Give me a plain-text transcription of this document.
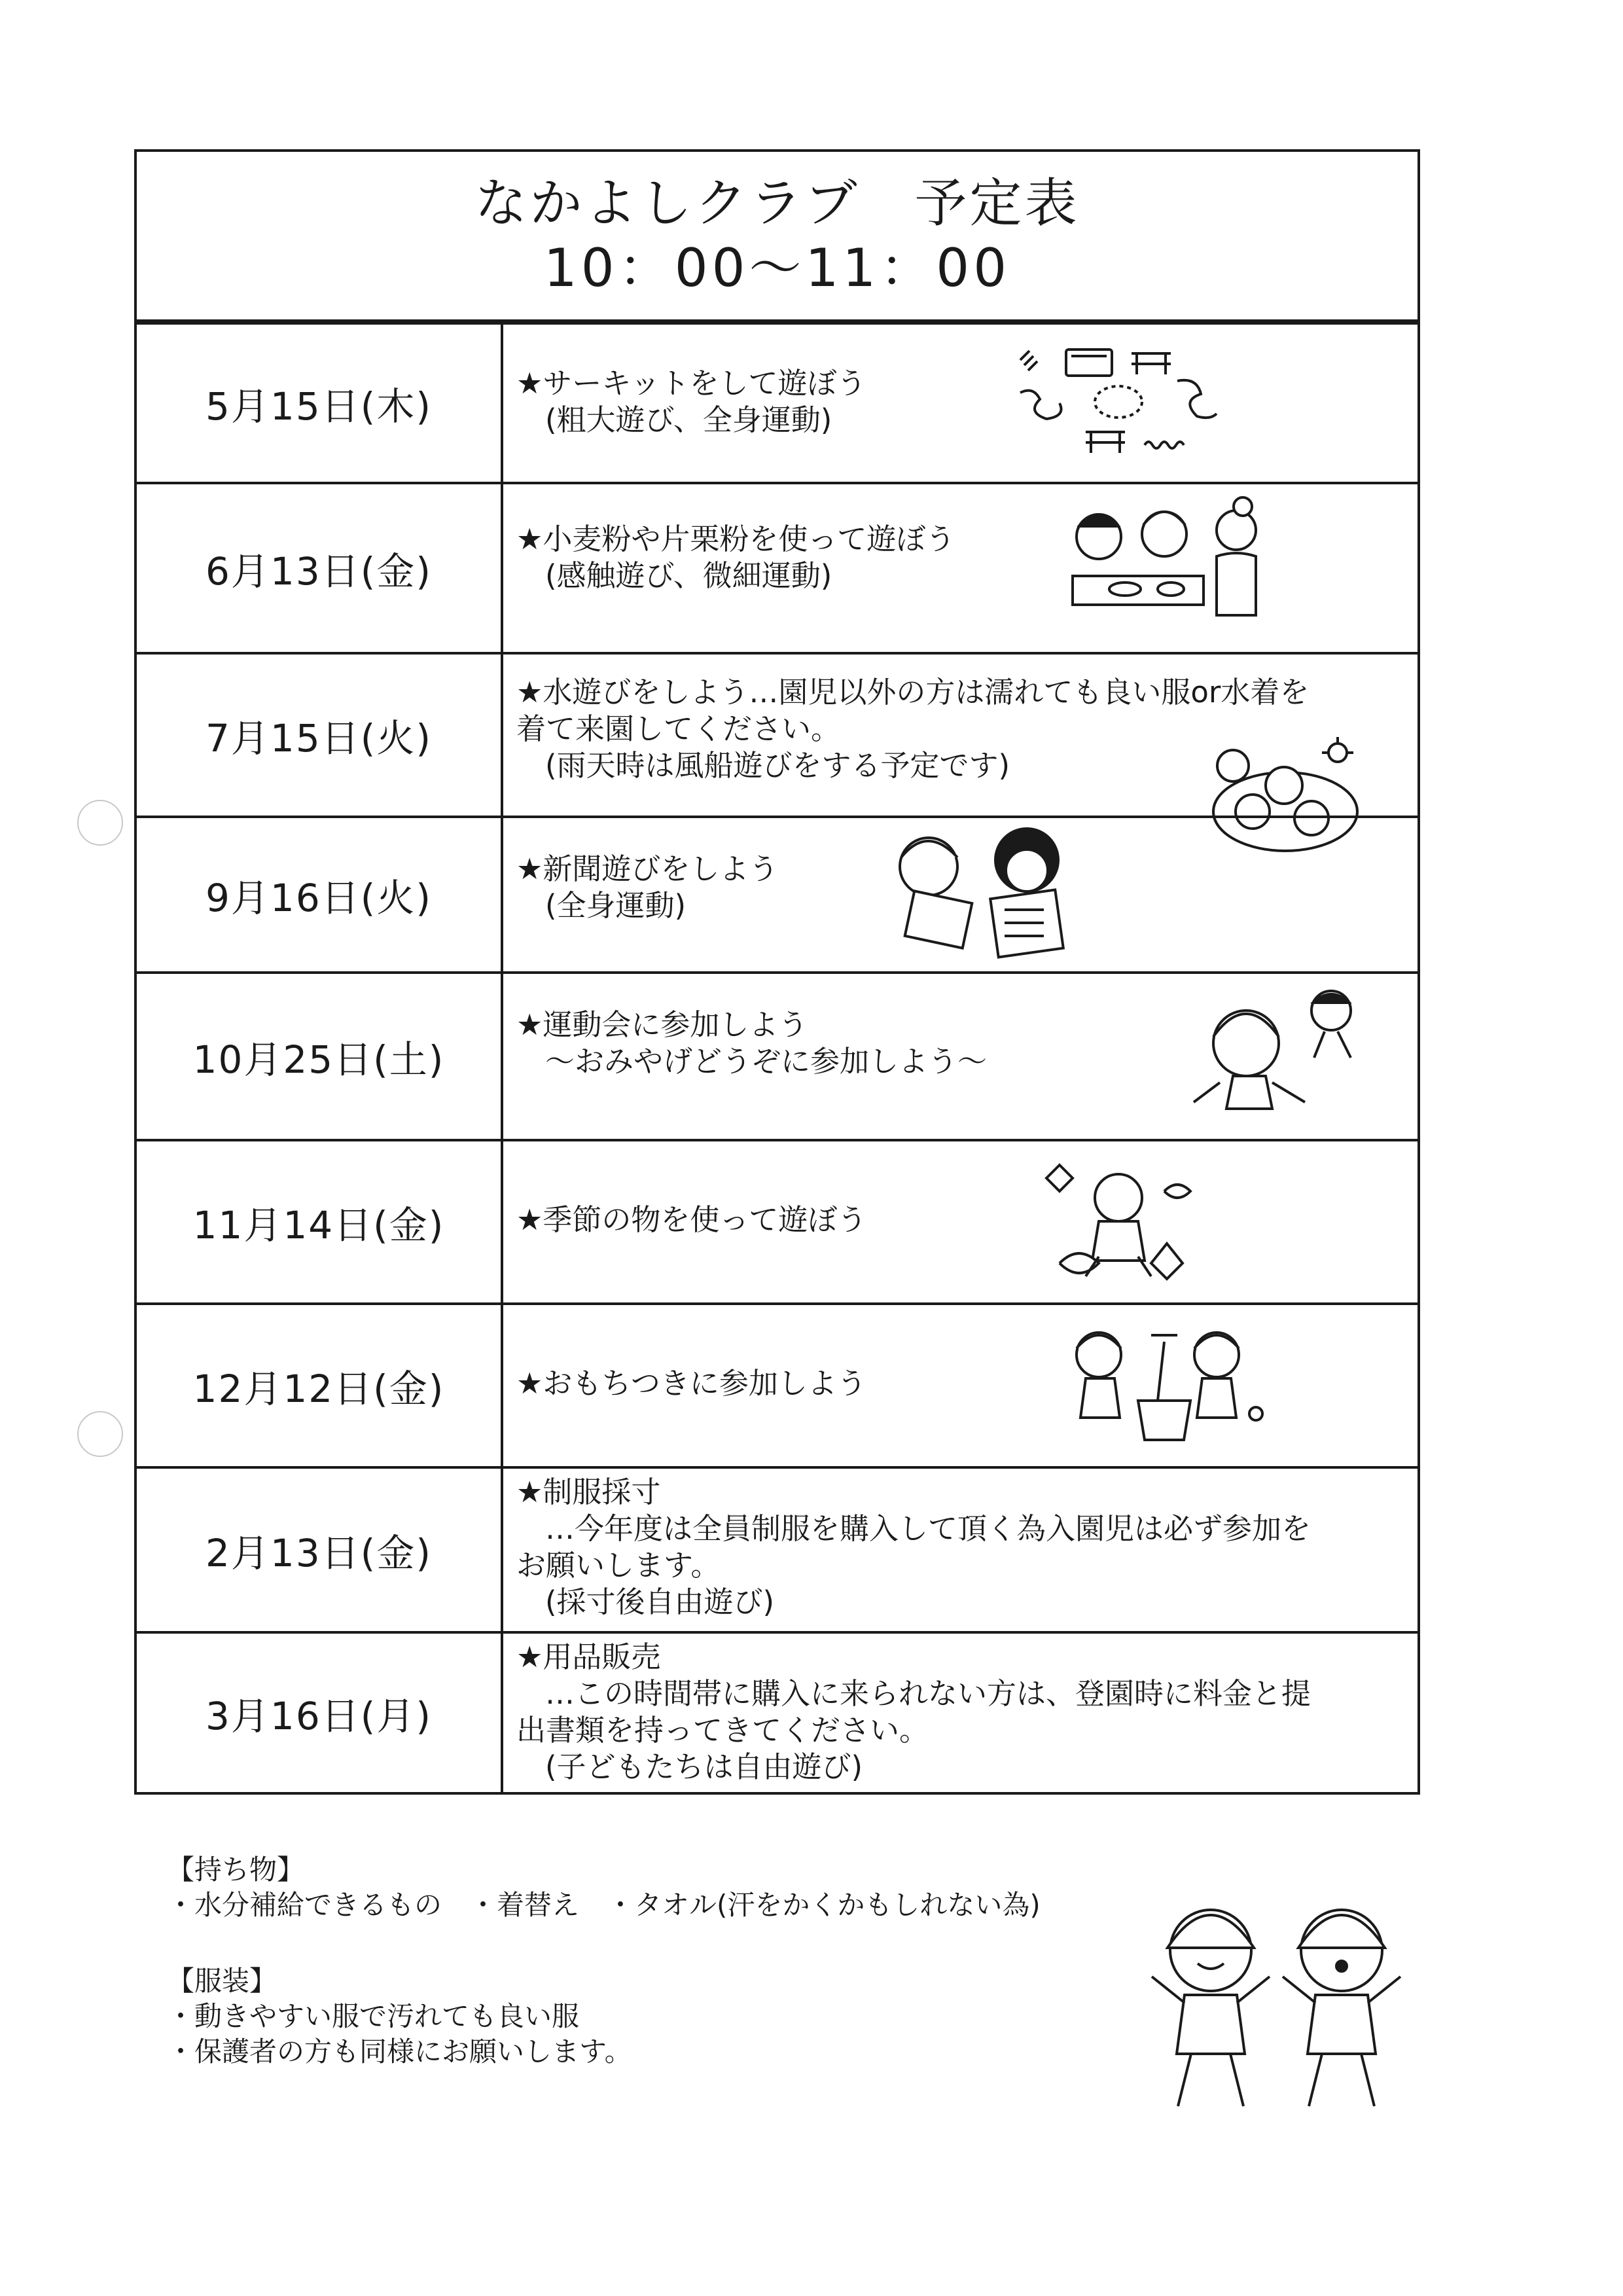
なかよしクラブ　予定表
10：00～11：00
5月15日(木)
★サーキットをして遊ぼう
(粗大遊び、全身運動)
6月13日(金)
★小麦粉や片栗粉を使って遊ぼう
(感触遊び、微細運動)
7月15日(火)
★水遊びをしよう…園児以外の方は濡れても良い服or水着を
着て来園してください。
(雨天時は風船遊びをする予定です)
9月16日(火)
★新聞遊びをしよう
(全身運動)
10月25日(土)
★運動会に参加しよう
～おみやげどうぞに参加しよう～
11月14日(金)	★季節の物を使って遊ぼう
12月12日(金)	★おもちつきに参加しよう
2月13日(金)
★制服採寸
…今年度は全員制服を購入して頂く為入園児は必ず参加を
お願いします。
(採寸後自由遊び)
3月16日(月)
★用品販売
…この時間帯に購入に来られない方は、登園時に料金と提
出書類を持ってきてください。
(子どもたちは自由遊び)
【持ち物】
・水分補給できるもの　・着替え　・タオル(汗をかくかもしれない為)
【服装】
・動きやすい服で汚れても良い服
・保護者の方も同様にお願いします。
